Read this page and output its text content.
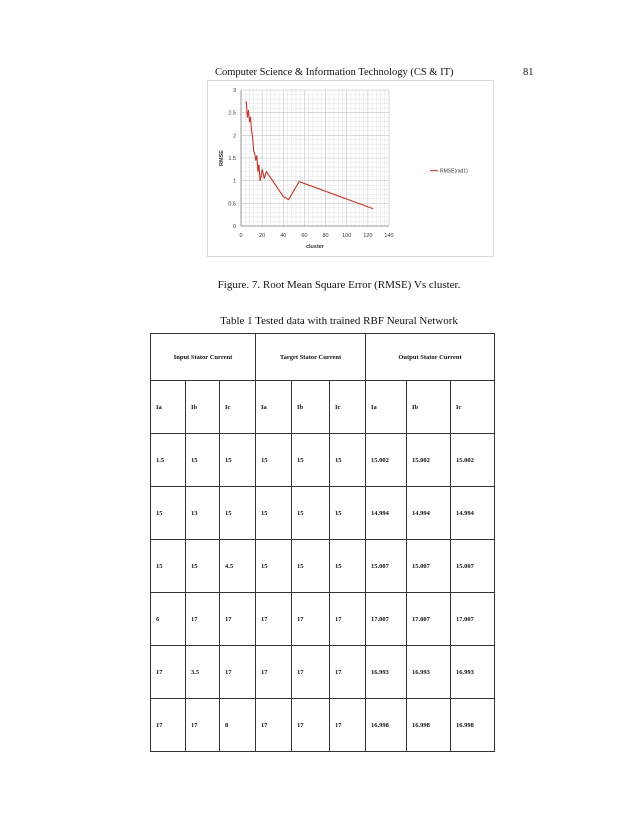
Computer Science & Information Technology (CS & IT)	81
0	20	40	60	80 100 120 140
0
0.5
1
1.5
2
2.5
3
cluster
RMSE
RMSE(rad1)
Figure. 7. Root Mean Square Error (RMSE) Vs cluster.
Table 1 Tested data with trained RBF Neural Network
Input Stator Current			Target Stator Current			Output Stator Current		
Ia	Ib	Ic	Ia	Ib	Ic	Ia	Ib	Ic
1.5	15	15	15	15	15	15.002	15.002	15.002
15	13	15	15	15	15	14.994	14.994	14.994
15	15	4.5	15	15	15	15.007	15.007	15.007
6	17	17	17	17	17	17.007	17.007	17.007
17	3.5	17	17	17	17	16.993	16.993	16.993
17	17	8	17	17	17	16.998	16.998	16.998
